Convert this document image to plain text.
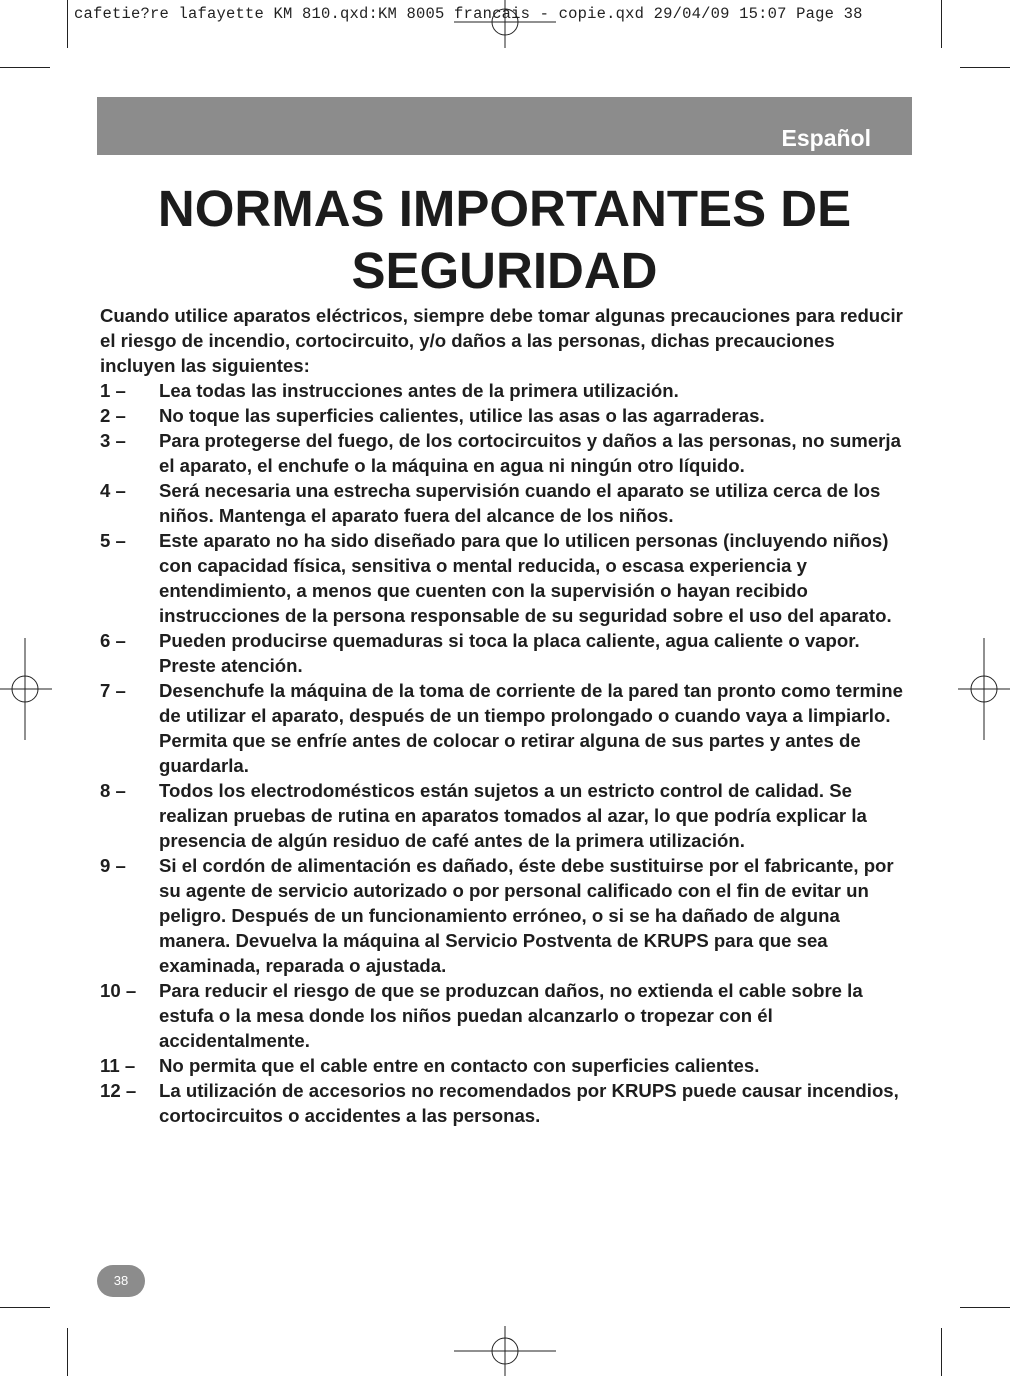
cafetie?re lafayette KM 810.qxd:KM 8005 francais - copie.qxd 29/04/09 15:07 Page 38
Español
NORMAS IMPORTANTES DE
SEGURIDAD

Cuando utilice aparatos eléctricos, siempre debe tomar algunas precauciones para reducir el riesgo de incendio, cortocircuito, y/o daños a las personas, dichas precauciones incluyen las siguientes:

1 –	Lea todas las instrucciones antes de la primera utilización.
2 –	No toque las superficies calientes, utilice las asas o las agarraderas.
3 –	Para protegerse del fuego, de los cortocircuitos y daños a las personas, no sumerja el aparato, el enchufe o la máquina en agua ni ningún otro líquido.
4 –	Será necesaria una estrecha supervisión cuando el aparato se utiliza cerca de los niños. Mantenga el aparato fuera del alcance de los niños.
5 –	Este aparato no ha sido diseñado para que lo utilicen personas (incluyendo niños) con capacidad física, sensitiva o mental reducida, o escasa experiencia y entendimiento, a menos que cuenten con la supervisión o hayan recibido instrucciones de la persona responsable de su seguridad sobre el uso del aparato.
6 –	Pueden producirse quemaduras si toca la placa caliente, agua caliente o vapor. Preste atención.
7 –	Desenchufe la máquina de la toma de corriente de la pared tan pronto como termine de utilizar el aparato, después de un tiempo prolongado o cuando vaya a limpiarlo. Permita que se enfríe antes de colocar o retirar alguna de sus partes y antes de guardarla.
8 –	Todos los electrodomésticos están sujetos a un estricto control de calidad. Se realizan pruebas de rutina en aparatos tomados al azar, lo que podría explicar la presencia de algún residuo de café antes de la primera utilización.
9 –	Si el cordón de alimentación es dañado, éste debe sustituirse por el fabricante, por su agente de servicio autorizado o por personal calificado con el fin de evitar un peligro. Después de un funcionamiento erróneo, o si se ha dañado de alguna manera. Devuelva la máquina al Servicio Postventa de KRUPS para que sea examinada, reparada o ajustada.
10 –	Para reducir el riesgo de que se produzcan daños, no extienda el cable sobre la estufa o la mesa donde los niños puedan alcanzarlo o tropezar con él accidentalmente.
11 –	No permita que el cable entre en contacto con superficies calientes.
12 –	La utilización de accesorios no recomendados por KRUPS puede causar incendios, cortocircuitos o accidentes a las personas.
38
